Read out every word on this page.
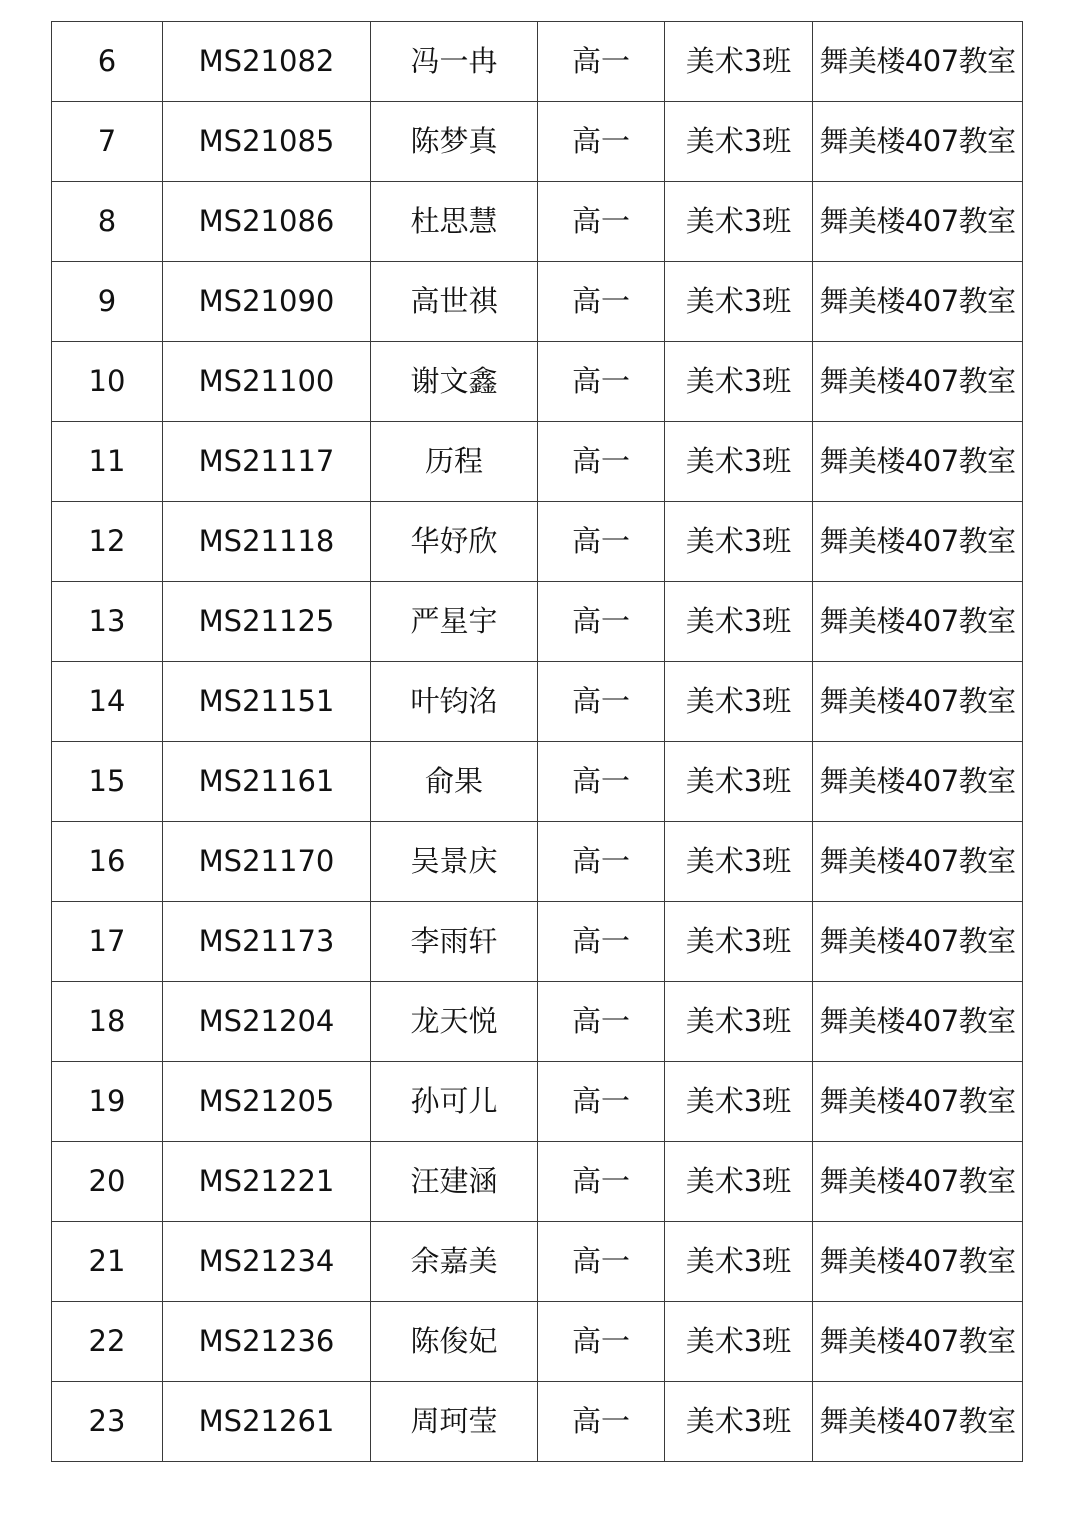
6	MS21082	冯一冉	高一	美术3班	舞美楼407教室
7	MS21085	陈梦真	高一	美术3班	舞美楼407教室
8	MS21086	杜思慧	高一	美术3班	舞美楼407教室
9	MS21090	高世祺	高一	美术3班	舞美楼407教室
10	MS21100	谢文鑫	高一	美术3班	舞美楼407教室
11	MS21117	历程	高一	美术3班	舞美楼407教室
12	MS21118	华妤欣	高一	美术3班	舞美楼407教室
13	MS21125	严星宇	高一	美术3班	舞美楼407教室
14	MS21151	叶钧洺	高一	美术3班	舞美楼407教室
15	MS21161	俞果	高一	美术3班	舞美楼407教室
16	MS21170	吴景庆	高一	美术3班	舞美楼407教室
17	MS21173	李雨轩	高一	美术3班	舞美楼407教室
18	MS21204	龙天悦	高一	美术3班	舞美楼407教室
19	MS21205	孙可儿	高一	美术3班	舞美楼407教室
20	MS21221	汪建涵	高一	美术3班	舞美楼407教室
21	MS21234	余嘉美	高一	美术3班	舞美楼407教室
22	MS21236	陈俊妃	高一	美术3班	舞美楼407教室
23	MS21261	周珂莹	高一	美术3班	舞美楼407教室
